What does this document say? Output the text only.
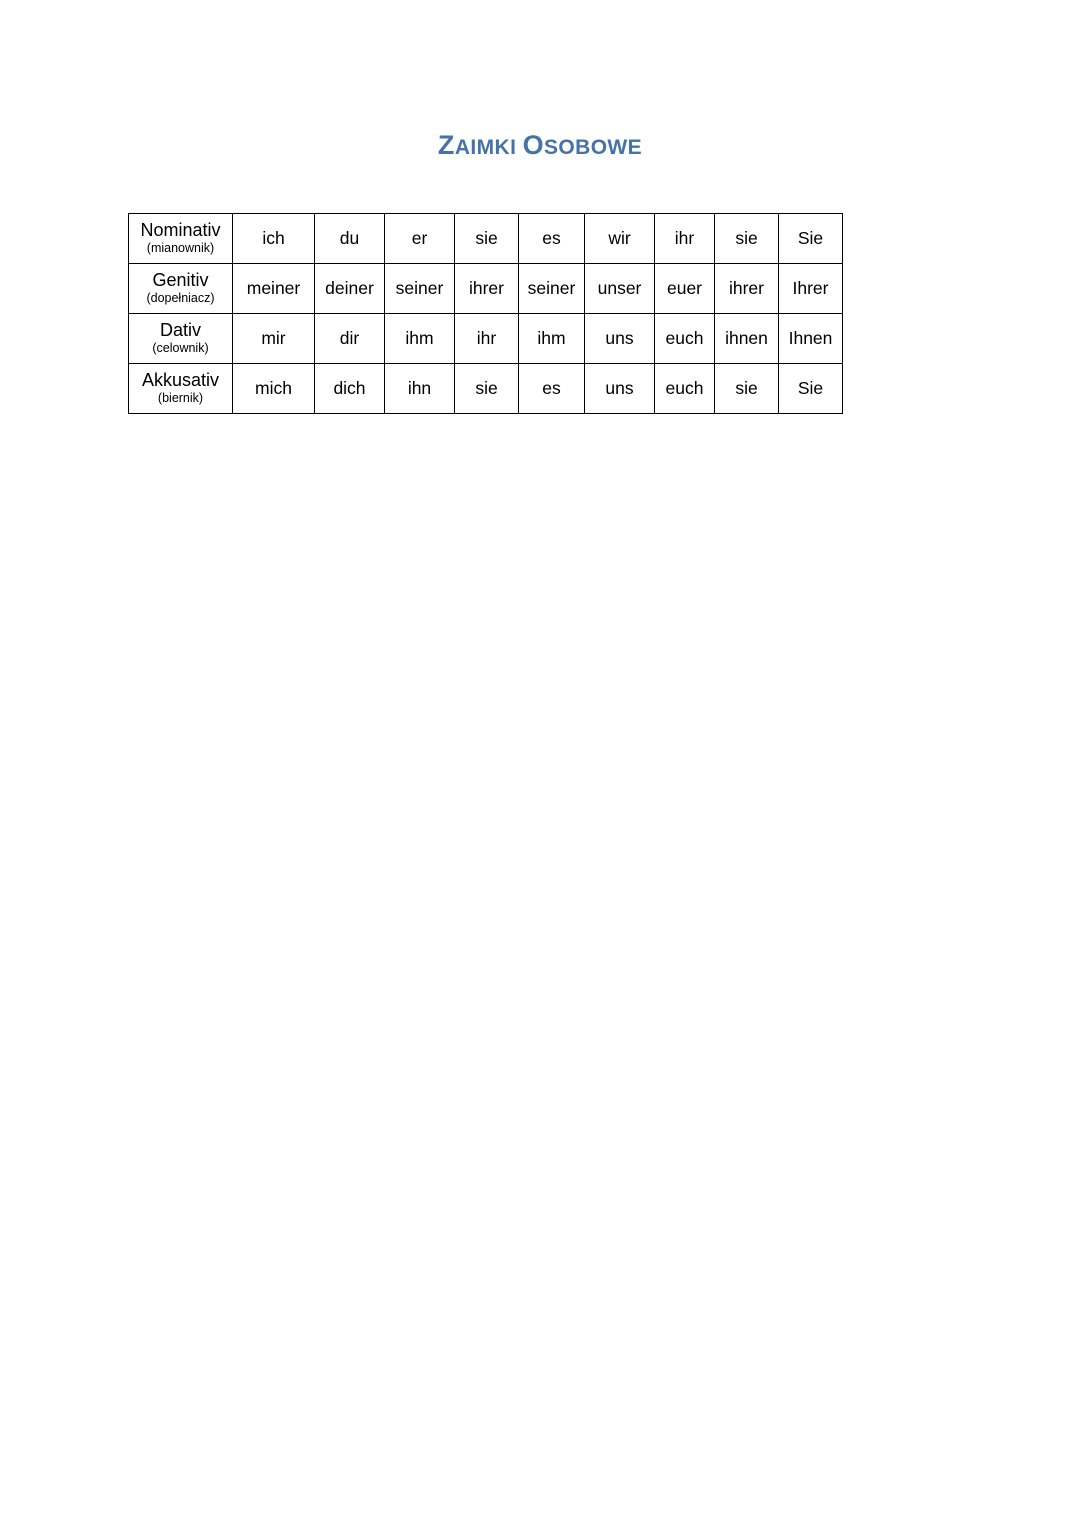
ZAIMKI OSOBOWE
Nominativ
(mianownik)	ich	du	er	sie	es	wir	ihr	sie	Sie

Genitiv
(dopełniacz)	meiner	deiner	seiner	ihrer	seiner	unser	euer	ihrer	Ihrer

Dativ
(celownik)	mir	dir	ihm	ihr	ihm	uns	euch	ihnen	Ihnen

Akkusativ
(biernik)	mich	dich	ihn	sie	es	uns	euch	sie	Sie
